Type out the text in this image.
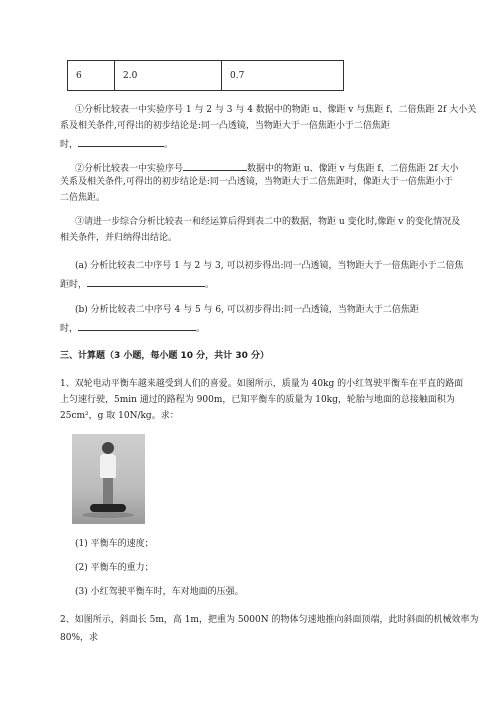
6	2.0	0.7
①分析比较表一中实验序号 1 与 2 与 3 与 4 数据中的物距 u、像距 v 与焦距 f、二倍焦距 2f 大小关
系及相关条件,可得出的初步结论是:同一凸透镜，当物距大于一倍焦距小于二倍焦距
时，	。
②分析比较表一中实验序号	数据中的物距 u、像距 v 与焦距 f、二倍焦距 2f 大小
关系及相关条件,可得出的初步结论是:同一凸透镜，当物距大于二倍焦距时，像距大于一倍焦距小于
二倍焦距。
③请进一步综合分析比较表一和经运算后得到表二中的数据，物距 u 变化时,像距 v 的变化情况及
相关条件，并归纳得出结论。
(a) 分析比较表二中序号 1 与 2 与 3, 可以初步得出:同一凸透镜，当物距大于一倍焦距小于二倍焦
距时，	。
(b) 分析比较表二中序号 4 与 5 与 6, 可以初步得出:同一凸透镜，当物距大于二倍焦距
时，	。
三、计算题（3 小题，每小题 10 分，共计 30 分）
1、双轮电动平衡车越来越受到人们的喜爱。如图所示，质量为 40kg 的小红驾驶平衡车在平直的路面
上匀速行驶，5min 通过的路程为 900m，已知平衡车的质量为 10kg，轮胎与地面的总接触面积为
25cm²，g 取 10N/kg。求：
(1) 平衡车的速度；
(2) 平衡车的重力；
(3) 小红驾驶平衡车时，车对地面的压强。
2、如图所示，斜面长 5m，高 1m，把重为 5000N 的物体匀速地推向斜面顶端，此时斜面的机械效率为
80%，求
